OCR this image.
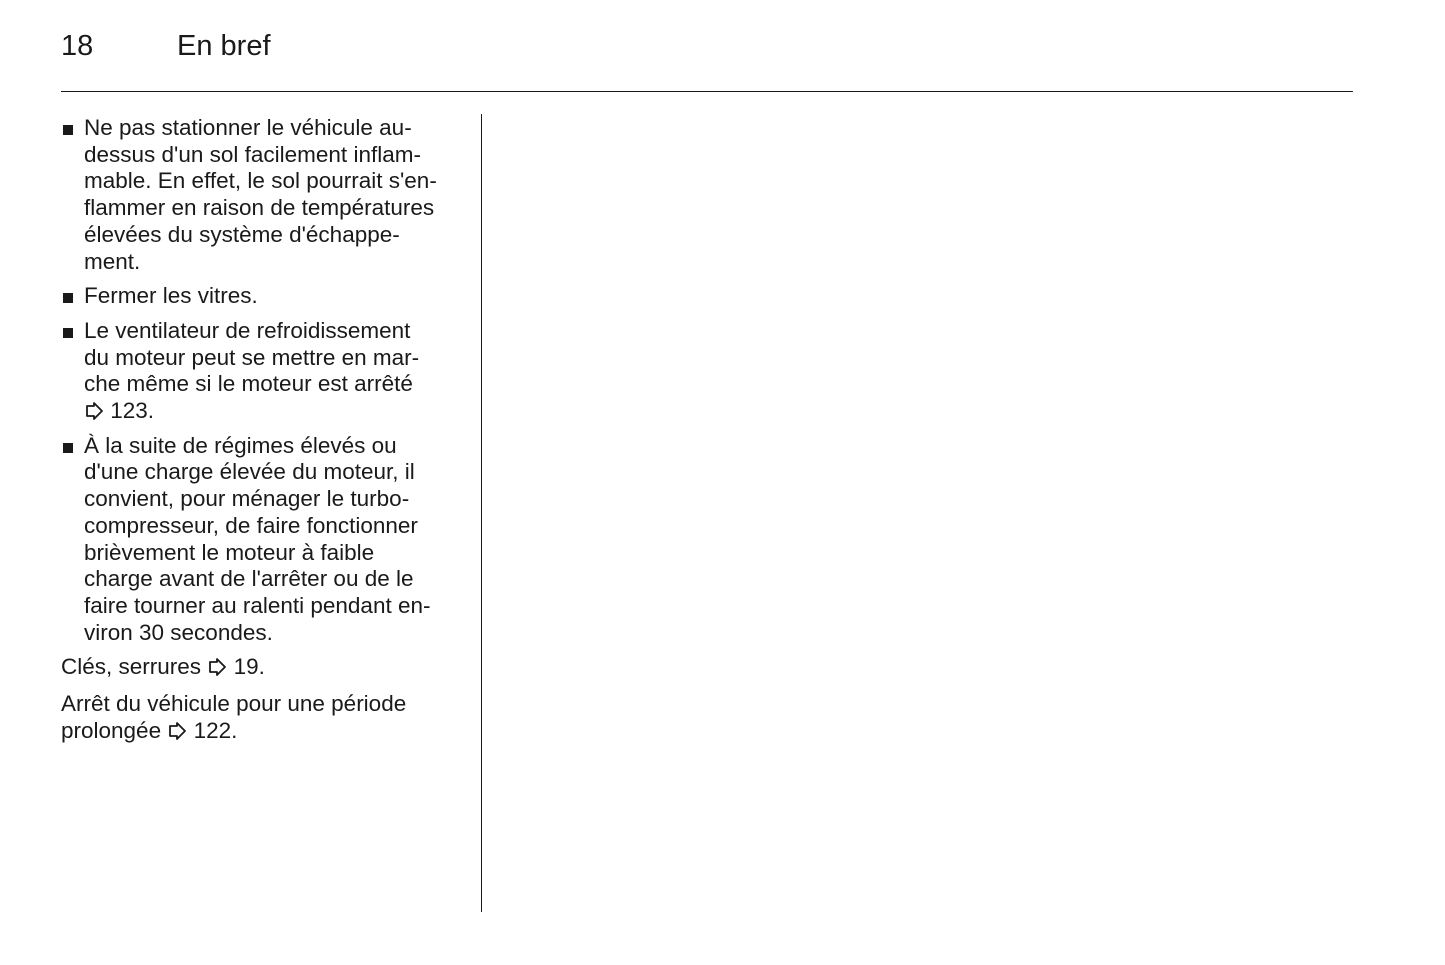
18	En bref
Ne pas stationner le véhicule au-
dessus d'un sol facilement inflam-
mable. En effet, le sol pourrait s'en-
flammer en raison de températures
élevées du système d'échappe-
ment.
Fermer les vitres.
Le ventilateur de refroidissement
du moteur peut se mettre en mar-
che même si le moteur est arrêté
123.
À la suite de régimes élevés ou
d'une charge élevée du moteur, il
convient, pour ménager le turbo-
compresseur, de faire fonctionner
brièvement le moteur à faible
charge avant de l'arrêter ou de le
faire tourner au ralenti pendant en-
viron 30 secondes.

Clés, serrures 19.

Arrêt du véhicule pour une période
prolongée 122.
